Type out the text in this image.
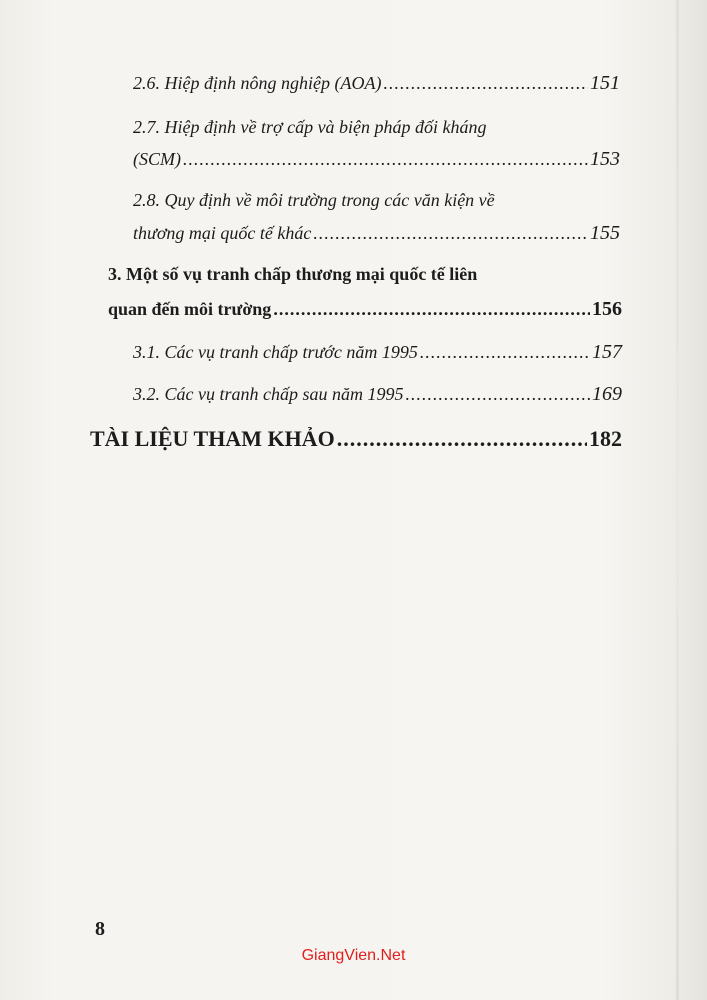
2.6. Hiệp định nông nghiệp (AOA) .....	151
2.7. Hiệp định về trợ cấp và biện pháp đối kháng
(SCM) .....	153
2.8. Quy định về môi trường trong các văn kiện về
thương mại quốc tế khác .....	155
3. Một số vụ tranh chấp thương mại quốc tế liên
quan đến môi trường .....	156
3.1. Các vụ tranh chấp trước năm 1995 .....	157
3.2. Các vụ tranh chấp sau năm 1995 .....	169
TÀI LIỆU THAM KHẢO .....	182
8
GiangVien.Net
